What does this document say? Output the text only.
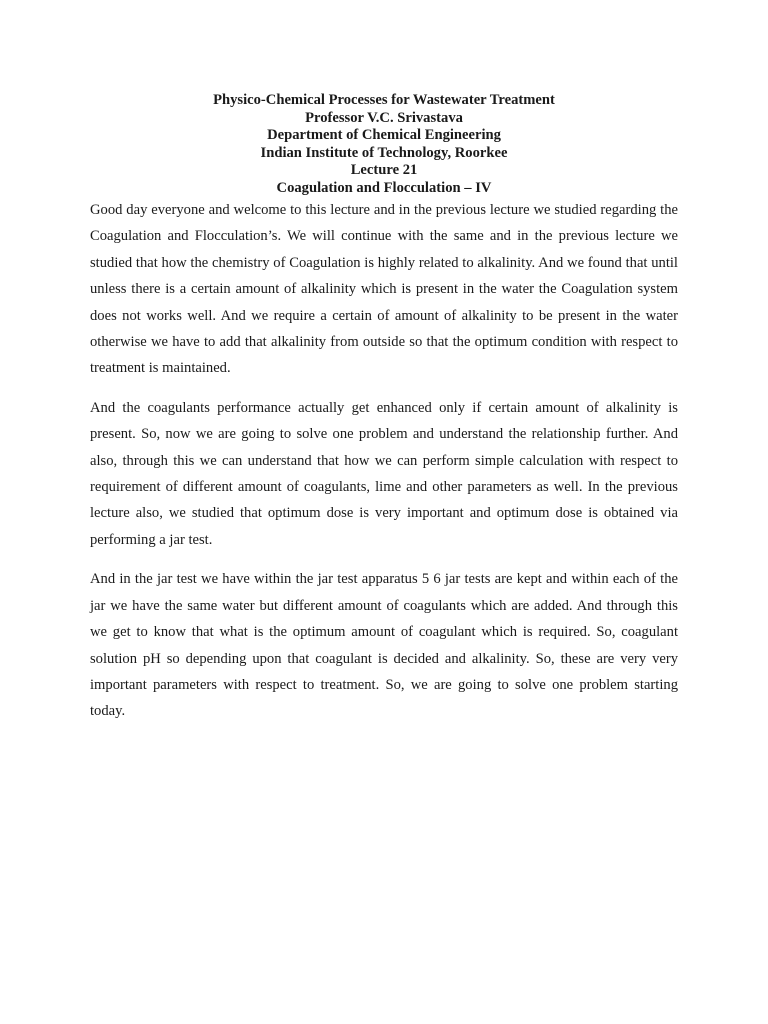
Physico-Chemical Processes for Wastewater Treatment
Professor V.C. Srivastava
Department of Chemical Engineering
Indian Institute of Technology, Roorkee
Lecture 21
Coagulation and Flocculation – IV

Good day everyone and welcome to this lecture and in the previous lecture we studied regarding the Coagulation and Flocculation’s. We will continue with the same and in the previous lecture we studied that how the chemistry of Coagulation is highly related to alkalinity. And we found that until unless there is a certain amount of alkalinity which is present in the water the Coagulation system does not works well. And we require a certain of amount of alkalinity to be present in the water otherwise we have to add that alkalinity from outside so that the optimum condition with respect to treatment is maintained.

And the coagulants performance actually get enhanced only if certain amount of alkalinity is present. So, now we are going to solve one problem and understand the relationship further. And also, through this we can understand that how we can perform simple calculation with respect to requirement of different amount of coagulants, lime and other parameters as well. In the previous lecture also, we studied that optimum dose is very important and optimum dose is obtained via performing a jar test.

And in the jar test we have within the jar test apparatus 5 6 jar tests are kept and within each of the jar we have the same water but different amount of coagulants which are added. And through this we get to know that what is the optimum amount of coagulant which is required. So, coagulant solution pH so depending upon that coagulant is decided and alkalinity. So, these are very very important parameters with respect to treatment. So, we are going to solve one problem starting today.
